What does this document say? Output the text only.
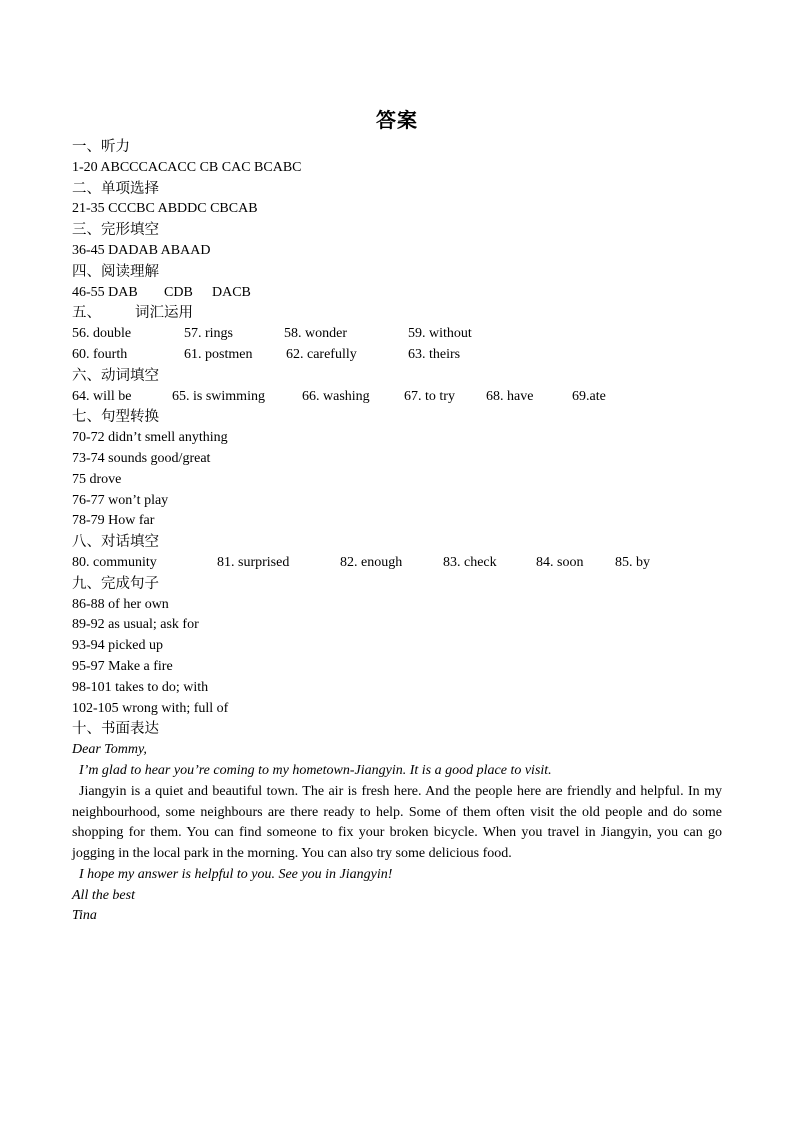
答案
一、听力
1-20 ABCCCACACC CB CAC BCABC
二、单项选择
21-35 CCCBC ABDDC CBCAB
三、完形填空
36-45 DADAB ABAAD
四、阅读理解
46-55 DAB CDB DACB
五、 词汇运用
56. double	57. rings	58. wonder	59. without
60. fourth	61. postmen 62. carefully	63. theirs
六、动词填空
64. will be	65. is swimming	66. washing 67. to try 68. have	69.ate
七、句型转换
70-72 didn’t smell anything
73-74 sounds good/great
75 drove
76-77 won’t play
78-79 How far
八、对话填空
80. community	81. surprised	82. enough	83. check	84. soon 85. by
九、完成句子
86-88 of her own
89-92 as usual; ask for
93-94 picked up
95-97 Make a fire
98-101 takes to do; with
102-105 wrong with; full of
十、书面表达
Dear Tommy,
I’m glad to hear you’re coming to my hometown-Jiangyin. It is a good place to visit.
Jiangyin is a quiet and beautiful town. The air is fresh here. And the people here are friendly and helpful. In my neighbourhood, some neighbours are there ready to help. Some of them often visit the old people and do some shopping for them. You can find someone to fix your broken bicycle. When you travel in Jiangyin, you can go jogging in the local park in the morning. You can also try some delicious food.
I hope my answer is helpful to you. See you in Jiangyin!
All the best
Tina
